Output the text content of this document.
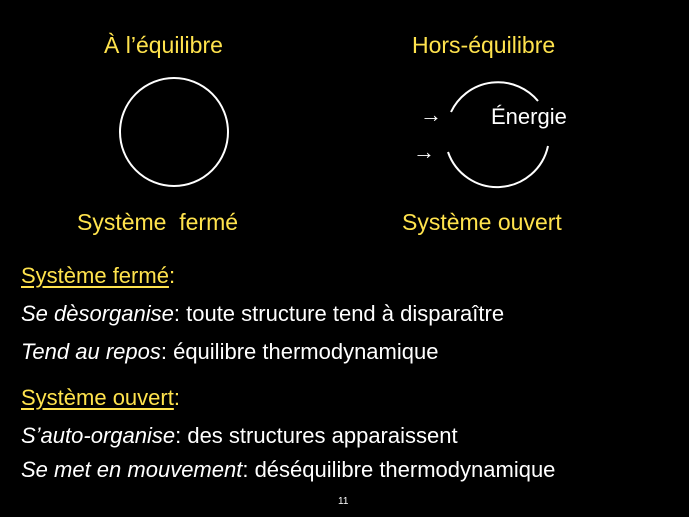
À l’équilibre	Hors-équilibre
→
→
Énergie
Système  fermé	Système ouvert
Système fermé:
Se dèsorganise: toute structure tend à disparaître
Tend au repos: équilibre thermodynamique
Système ouvert:
S’auto-organise: des structures apparaissent
Se met en mouvement: déséquilibre thermodynamique
11
